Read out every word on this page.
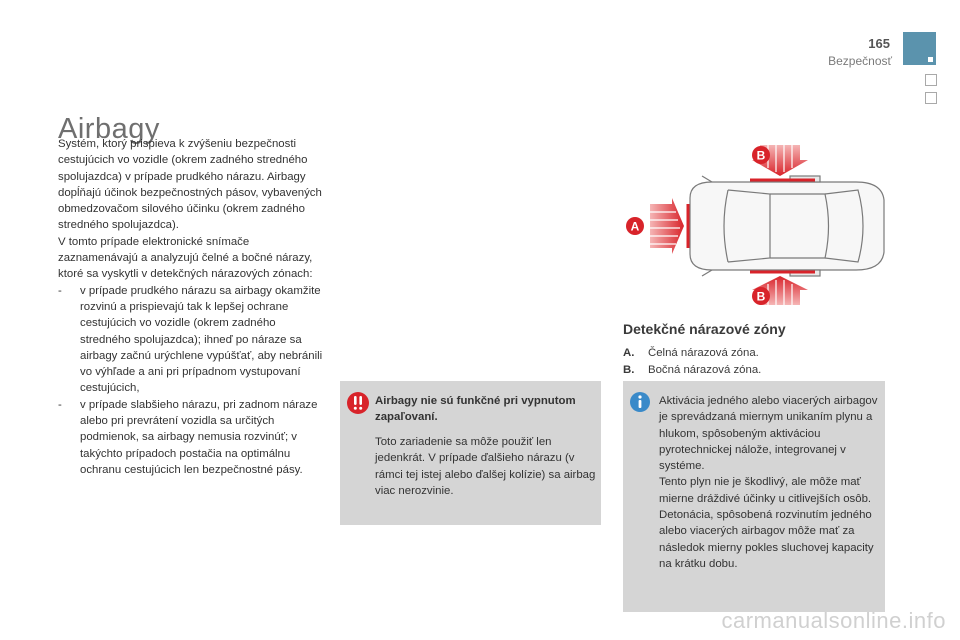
165
Bezpečnosť
Airbagy

Systém, ktorý prispieva k zvýšeniu bezpečnosti cestujúcich vo vozidle (okrem zadného stredného spolujazdca) v prípade prudkého nárazu. Airbagy dopĺňajú účinok bezpečnostných pásov, vybavených obmedzovačom silového účinku (okrem zadného stredného spolujazdca).

V tomto prípade elektronické snímače zaznamenávajú a analyzujú čelné a bočné nárazy, ktoré sa vyskytli v detekčných nárazových zónach:

-	v prípade prudkého nárazu sa airbagy okamžite rozvinú a prispievajú tak k lepšej ochrane cestujúcich vo vozidle (okrem zadného stredného spolujazdca); ihneď po náraze sa airbagy začnú urýchlene vypúšťať, aby nebránili vo výhľade a ani pri prípadnom vystupovaní cestujúcich,
-	v prípade slabšieho nárazu, pri zadnom náraze alebo pri prevrátení vozidla sa určitých podmienok, sa airbagy nemusia rozvinúť; v takýchto prípadoch postačia na optimálnu ochranu cestujúcich len bezpečnostné pásy.
Airbagy nie sú funkčné pri vypnutom zapaľovaní.
Toto zariadenie sa môže použiť len jedenkrát. V prípade ďalšieho nárazu (v rámci tej istej alebo ďalšej kolízie) sa airbag viac nerozvinie.
A
B
B
Detekčné nárazové zóny
A.	Čelná nárazová zóna.
B.	Bočná nárazová zóna.

Aktivácia jedného alebo viacerých airbagov je sprevádzaná miernym unikaním plynu a hlukom, spôsobeným aktiváciou pyrotechnickej náložе, integrovanej v systéme.

Tento plyn nie je škodlivý, ale môže mať mierne dráždivé účinky u citlivejších osôb.

Detonácia, spôsobená rozvinutím jedného alebo viacerých airbagov môže mať za následok mierny pokles sluchovej kapacity na krátku dobu.

carmanualsonline.info
